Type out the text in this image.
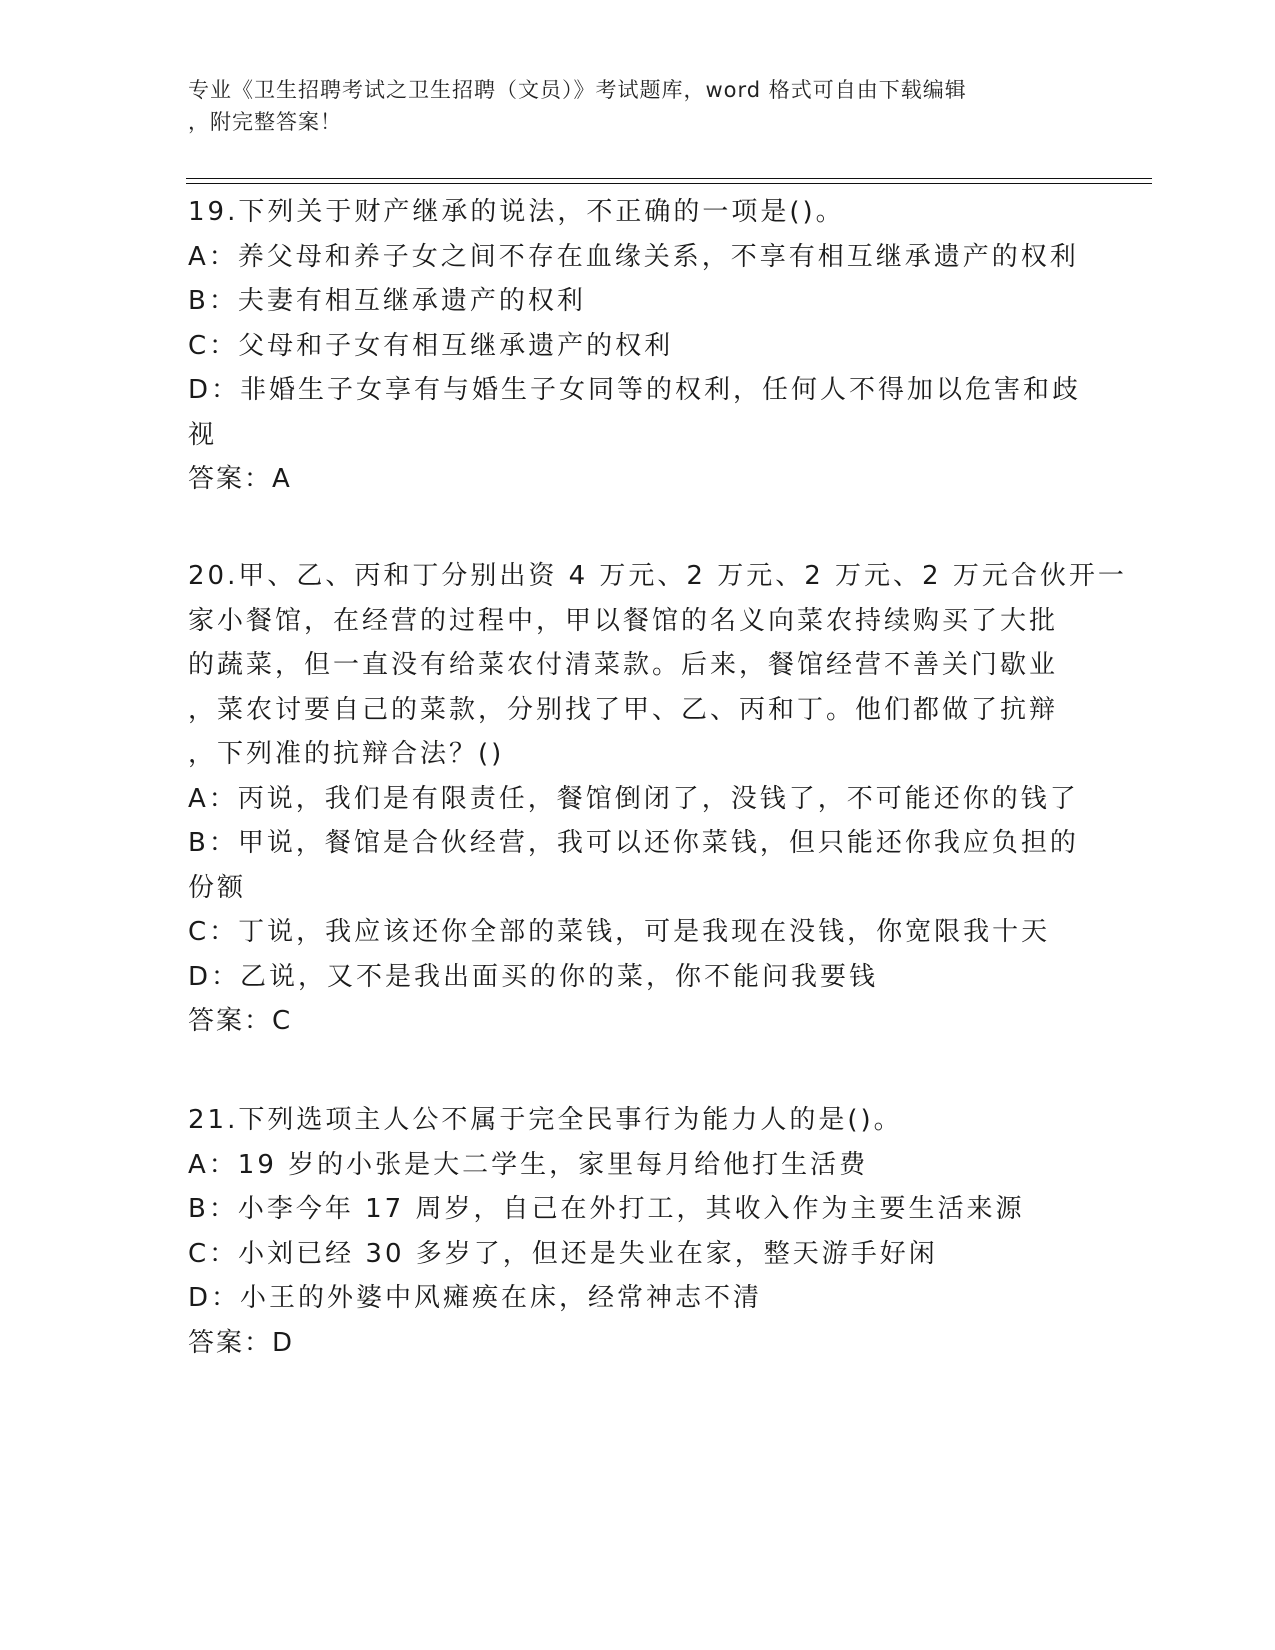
专业《卫生招聘考试之卫生招聘（文员）》考试题库，word 格式可自由下载编辑
，附完整答案！
19.下列关于财产继承的说法，不正确的一项是()。
A：养父母和养子女之间不存在血缘关系，不享有相互继承遗产的权利
B：夫妻有相互继承遗产的权利
C：父母和子女有相互继承遗产的权利
D：非婚生子女享有与婚生子女同等的权利，任何人不得加以危害和歧
视
答案：A
20.甲、乙、丙和丁分别出资 4 万元、2 万元、2 万元、2 万元合伙开一
家小餐馆，在经营的过程中，甲以餐馆的名义向菜农持续购买了大批
的蔬菜，但一直没有给菜农付清菜款。后来，餐馆经营不善关门歇业
，菜农讨要自己的菜款，分别找了甲、乙、丙和丁。他们都做了抗辩
，下列准的抗辩合法？()
A：丙说，我们是有限责任，餐馆倒闭了，没钱了，不可能还你的钱了
B：甲说，餐馆是合伙经营，我可以还你菜钱，但只能还你我应负担的
份额
C：丁说，我应该还你全部的菜钱，可是我现在没钱，你宽限我十天
D：乙说，又不是我出面买的你的菜，你不能问我要钱
答案：C
21.下列选项主人公不属于完全民事行为能力人的是()。
A：19 岁的小张是大二学生，家里每月给他打生活费
B：小李今年 17 周岁，自己在外打工，其收入作为主要生活来源
C：小刘已经 30 多岁了，但还是失业在家，整天游手好闲
D：小王的外婆中风瘫痪在床，经常神志不清
答案：D
